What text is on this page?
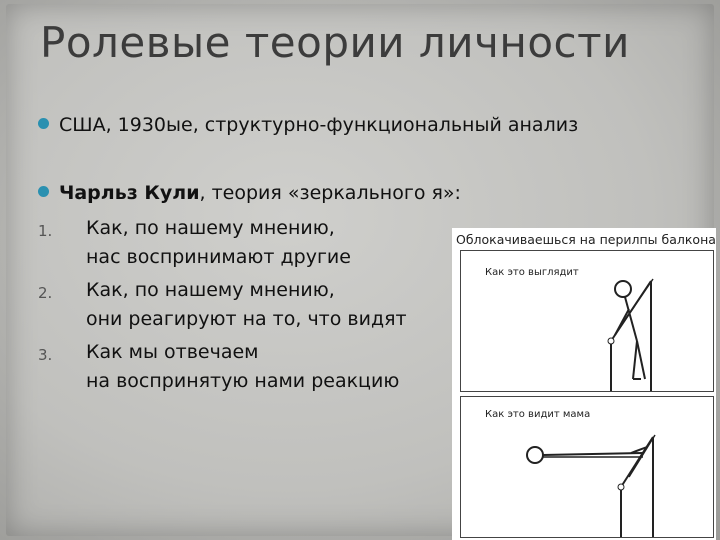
Ролевые теории личности
США, 1930ые, структурно-функциональный анализ
Чарльз Кули, теория «зеркального я»:
1. Как, по нашему мнению,
нас воспринимают другие
2. Как, по нашему мнению,
они реагируют на то, что видят
3. Как мы отвечаем
на воспринятую нами реакцию
Облокачиваешься на перилпы балкона
Как это выглядит
Как это видит мама
